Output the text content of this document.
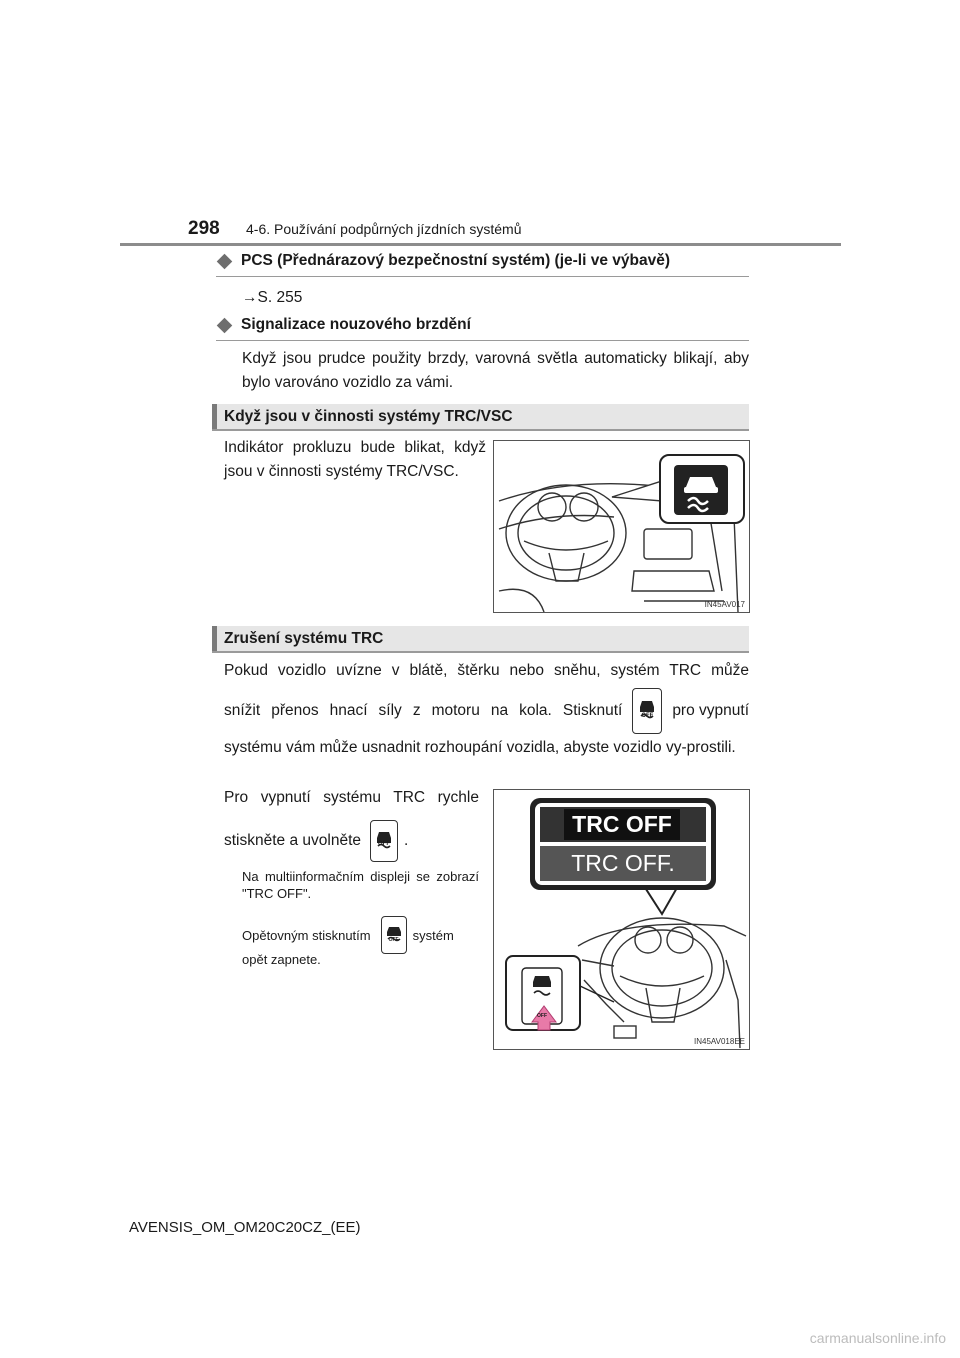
298 4-6. Používání podpůrných jízdních systémů
PCS (Přednárazový bezpečnostní systém) (je-li ve výbavě)
→S. 255
Signalizace nouzového brzdění
Když jsou prudce použity brzdy, varovná světla automaticky blikají, aby bylo varováno vozidlo za vámi.
Když jsou v činnosti systémy TRC/VSC
Indikátor prokluzu bude blikat, když jsou v činnosti systémy TRC/VSC.
IN45AV017
Zrušení systému TRC
Pokud vozidlo uvízne v blátě, štěrku nebo sněhu, systém TRC může
snížit přenos hnací síly z motoru na kola. Stisknutí	OFF	pro vypnutí
systému vám může usnadnit rozhoupání vozidla, abyste vozidlo vy-prostili.
Pro vypnutí systému TRC rychle
stiskněte a uvolněte	OFF .
Na multiinformačním displeji se zobrazí "TRC OFF".
Opětovným stisknutím	OFF	systém
opět zapnete.
TRC OFF
TRC OFF.
OFF
IN45AV018EE
AVENSIS_OM_OM20C20CZ_(EE)
carmanualsonline.info
